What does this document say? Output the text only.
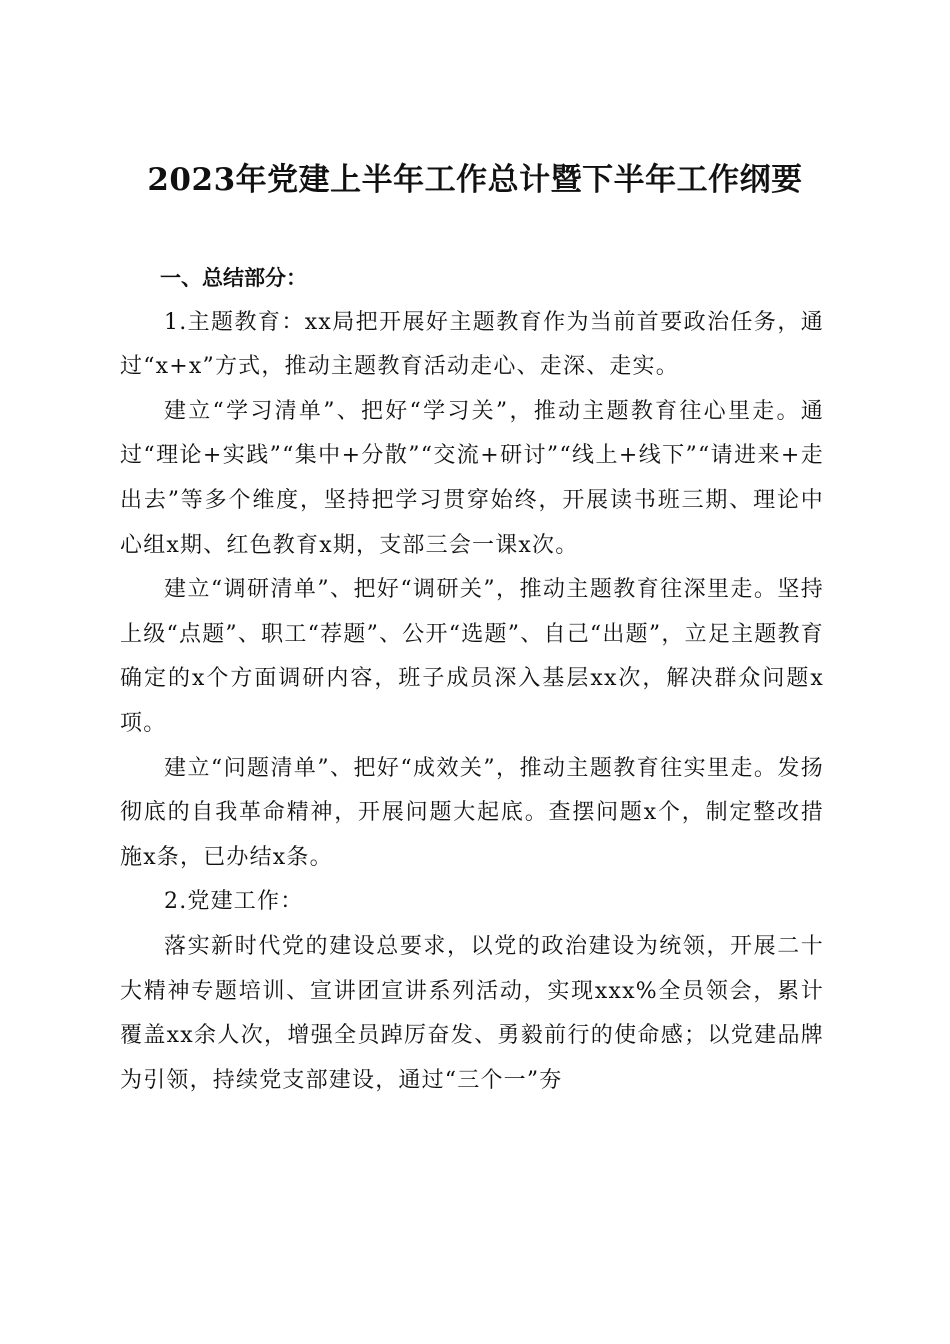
2023年党建上半年工作总计暨下半年工作纲要
一、总结部分：

1.主题教育：xx局把开展好主题教育作为当前首要政治任务，通过“x+x”方式，推动主题教育活动走心、走深、走实。

建立“学习清单”、把好“学习关”，推动主题教育往心里走。通过“理论+实践”“集中+分散”“交流+研讨”“线上+线下”“请进来+走出去”等多个维度，坚持把学习贯穿始终，开展读书班三期、理论中心组x期、红色教育x期，支部三会一课x次。

建立“调研清单”、把好“调研关”，推动主题教育往深里走。坚持上级“点题”、职工“荐题”、公开“选题”、自己“出题”，立足主题教育确定的x个方面调研内容，班子成员深入基层xx次，解决群众问题x项。

建立“问题清单”、把好“成效关”，推动主题教育往实里走。发扬彻底的自我革命精神，开展问题大起底。查摆问题x个，制定整改措施x条，已办结x条。

2.党建工作：

落实新时代党的建设总要求，以党的政治建设为统领，开展二十大精神专题培训、宣讲团宣讲系列活动，实现xxx%全员领会，累计覆盖xx余人次，增强全员踔厉奋发、勇毅前行的使命感；以党建品牌为引领，持续党支部建设，通过“三个一”夯
